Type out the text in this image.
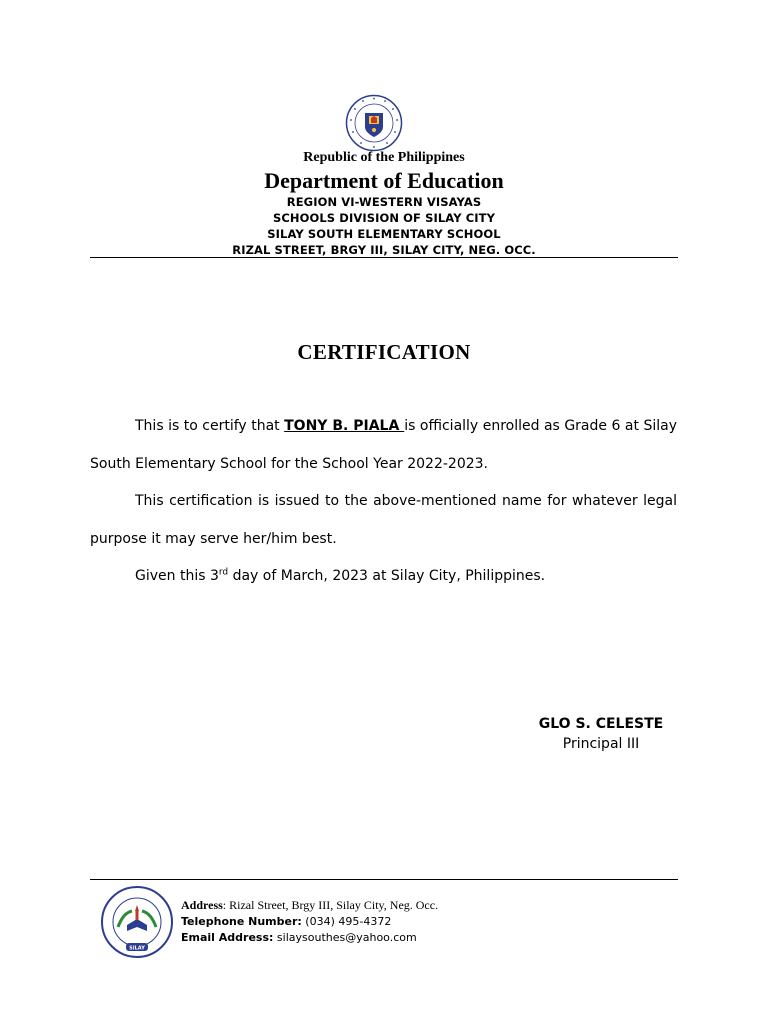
Republic of the Philippines
Department of Education
REGION VI-WESTERN VISAYAS
SCHOOLS DIVISION OF SILAY CITY
SILAY SOUTH ELEMENTARY SCHOOL
RIZAL STREET, BRGY III, SILAY CITY, NEG. OCC.
CERTIFICATION
This is to certify that TONY B. PIALA is officially enrolled as Grade 6 at Silay South Elementary School for the School Year 2022-2023.
This certification is issued to the above-mentioned name for whatever legal purpose it may serve her/him best.
Given this 3rd day of March, 2023 at Silay City, Philippines.
GLO S. CELESTE
Principal III
SILAY
Address: Rizal Street, Brgy III, Silay City, Neg. Occ.
Telephone Number: (034) 495-4372
Email Address: silaysouthes@yahoo.com
